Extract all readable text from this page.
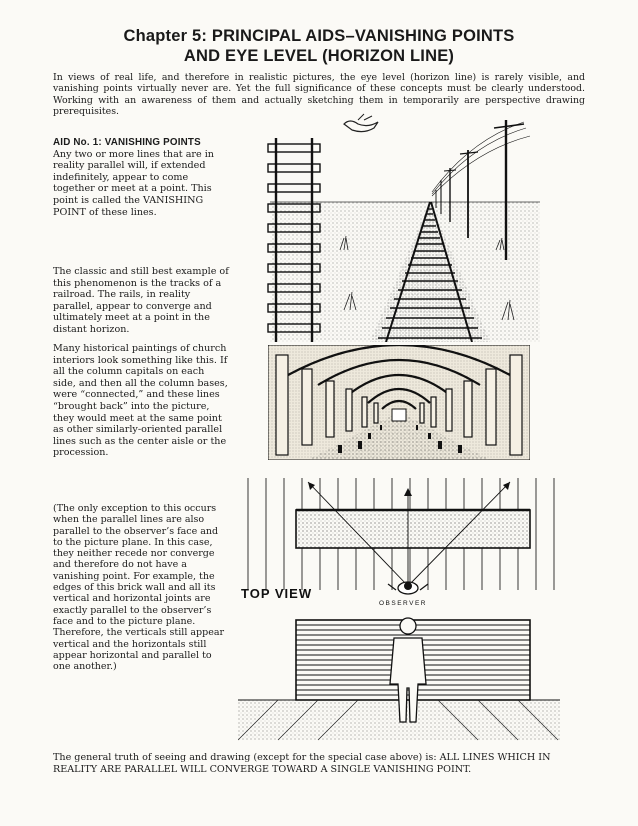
Chapter 5: PRINCIPAL AIDS–VANISHING POINTS
AND EYE LEVEL (HORIZON LINE)
In views of real life, and therefore in realistic pictures, the eye level (horizon line) is rarely visible, and vanishing points virtually never are. Yet the full significance of these concepts must be clearly understood. Working with an awareness of them and actually sketching them in temporarily are perspective drawing prerequisites.
AID No. 1: VANISHING POINTS
Any two or more lines that are in reality parallel will, if extended indefinitely, appear to come together or meet at a point. This point is called the VANISHING POINT of these lines.
The classic and still best example of this phenomenon is the tracks of a railroad. The rails, in reality parallel, appear to converge and ultimately meet at a point in the distant horizon.
Many historical paintings of church interiors look something like this. If all the column capitals on each side, and then all the column bases, were “connected,” and these lines “brought back” into the picture, they would meet at the same point as other similarly-oriented parallel lines such as the center aisle or the procession.
(The only exception to this occurs when the parallel lines are also parallel to the observer’s face and to the picture plane. In this case, they neither recede nor converge and therefore do not have a vanishing point. For example, the edges of this brick wall and all its vertical and horizontal joints are exactly parallel to the observer’s face and to the picture plane. Therefore, the verticals still appear vertical and the horizontals still appear horizontal and parallel to one another.)
The general truth of seeing and drawing (except for the special case above) is: ALL LINES WHICH IN REALITY ARE PARALLEL WILL CONVERGE TOWARD A SINGLE VANISHING POINT.
TOP VIEW
OBSERVER
